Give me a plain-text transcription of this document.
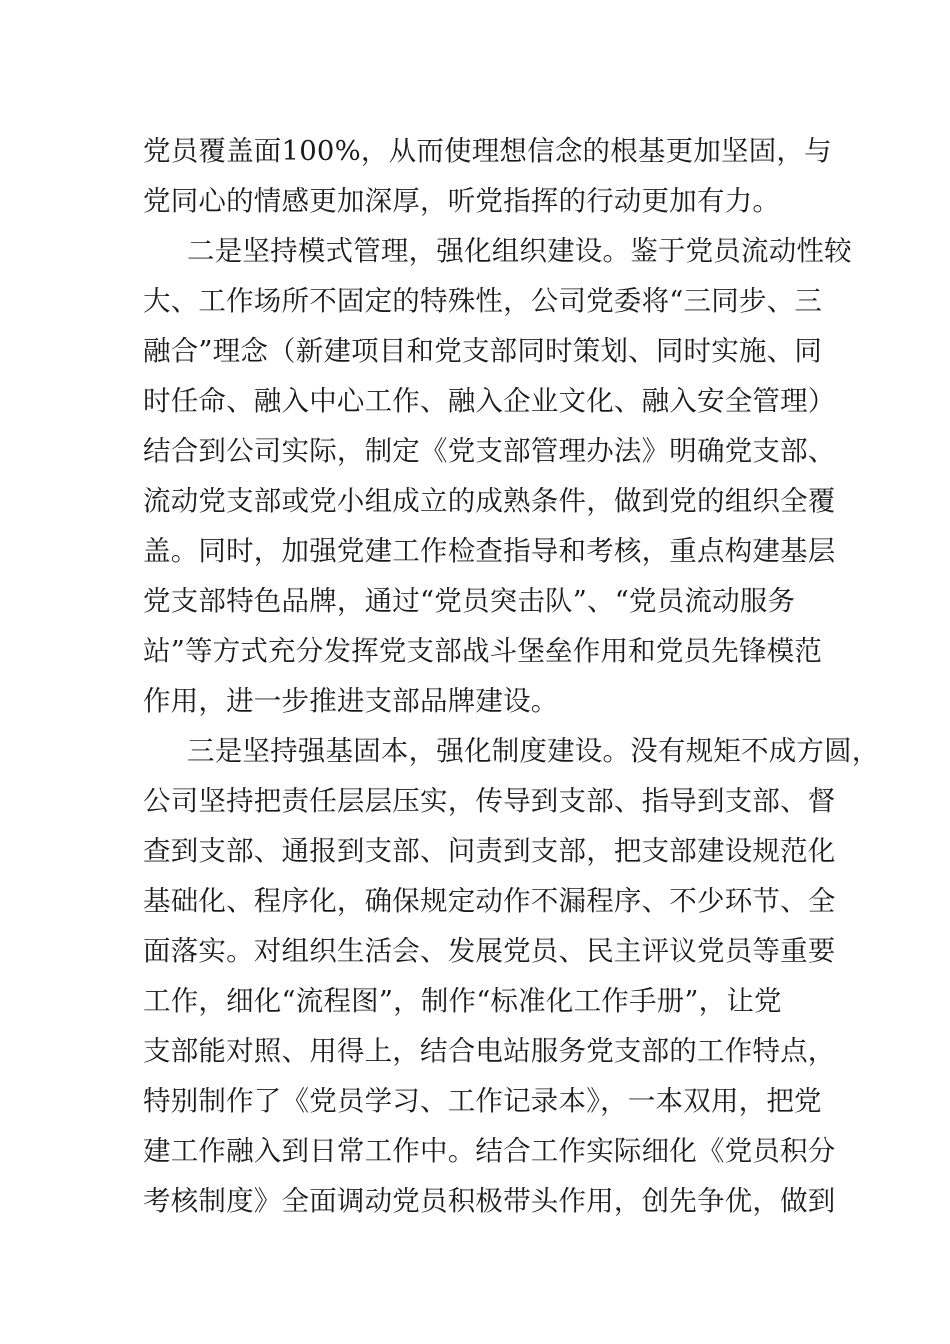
党员覆盖面100%，从而使理想信念的根基更加坚固，与
党同心的情感更加深厚，听党指挥的行动更加有力。
二是坚持模式管理，强化组织建设。鉴于党员流动性较
大、工作场所不固定的特殊性，公司党委将“三同步、三
融合”理念（新建项目和党支部同时策划、同时实施、同
时任命、融入中心工作、融入企业文化、融入安全管理）
结合到公司实际，制定《党支部管理办法》明确党支部、
流动党支部或党小组成立的成熟条件，做到党的组织全覆
盖。同时，加强党建工作检查指导和考核，重点构建基层
党支部特色品牌，通过“党员突击队”、“党员流动服务
站”等方式充分发挥党支部战斗堡垒作用和党员先锋模范
作用，进一步推进支部品牌建设。
三是坚持强基固本，强化制度建设。没有规矩不成方圆，
公司坚持把责任层层压实，传导到支部、指导到支部、督
查到支部、通报到支部、问责到支部，把支部建设规范化
基础化、程序化，确保规定动作不漏程序、不少环节、全
面落实。对组织生活会、发展党员、民主评议党员等重要
工作，细化“流程图”，制作“标准化工作手册”，让党
支部能对照、用得上，结合电站服务党支部的工作特点，
特别制作了《党员学习、工作记录本》，一本双用，把党
建工作融入到日常工作中。结合工作实际细化《党员积分
考核制度》全面调动党员积极带头作用，创先争优，做到
